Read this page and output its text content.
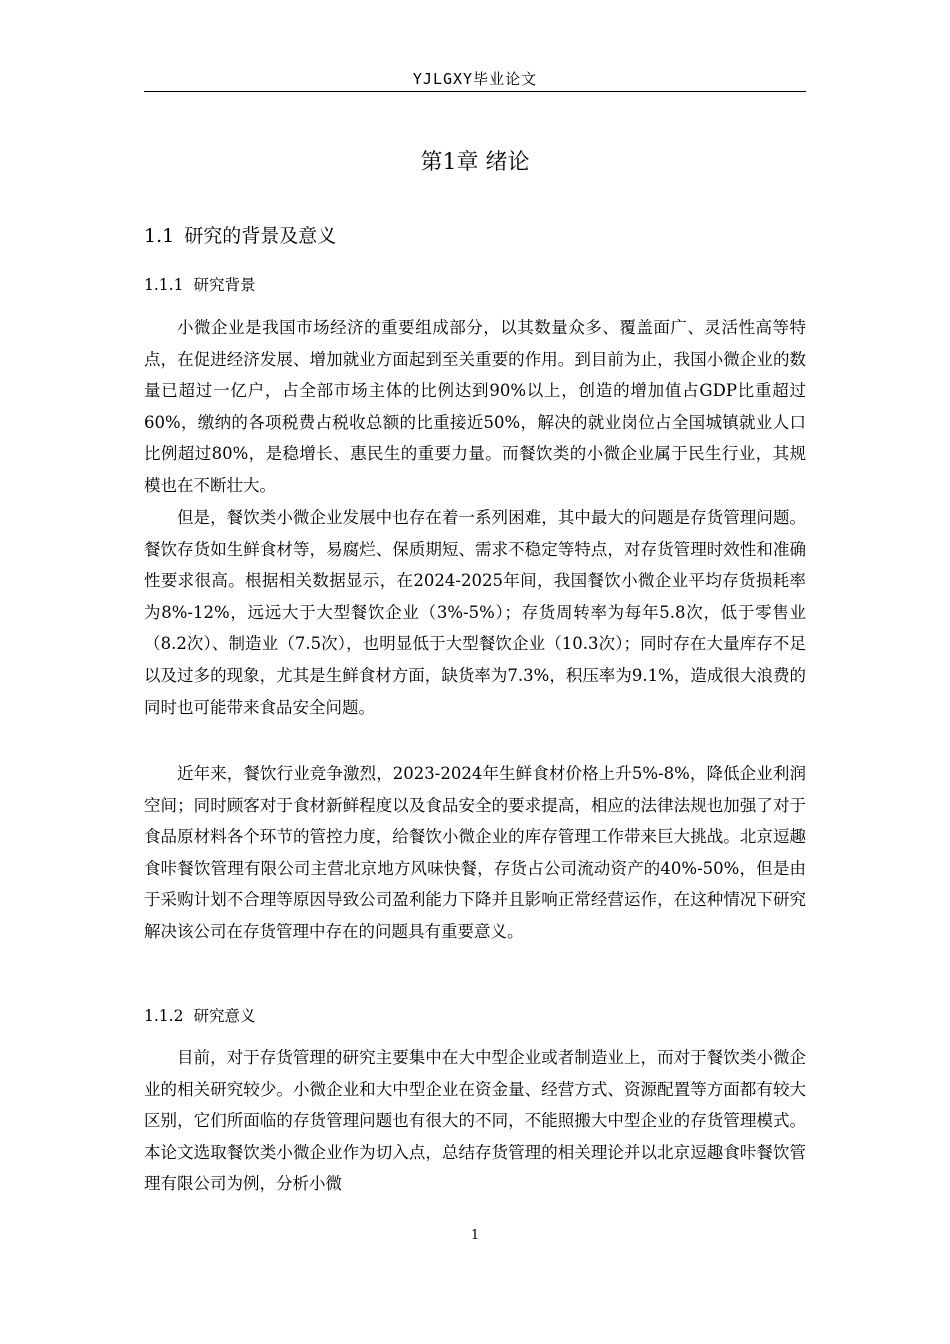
YJLGXY毕业论文
第1章 绪论
1.1 研究的背景及意义
1.1.1 研究背景

小微企业是我国市场经济的重要组成部分，以其数量众多、覆盖面广、灵活性高等特点，在促进经济发展、增加就业方面起到至关重要的作用。到目前为止，我国小微企业的数量已超过一亿户，占全部市场主体的比例达到90%以上，创造的增加值占GDP比重超过60%，缴纳的各项税费占税收总额的比重接近50%，解决的就业岗位占全国城镇就业人口比例超过80%，是稳增长、惠民生的重要力量。而餐饮类的小微企业属于民生行业，其规模也在不断壮大。

但是，餐饮类小微企业发展中也存在着一系列困难，其中最大的问题是存货管理问题。餐饮存货如生鲜食材等，易腐烂、保质期短、需求不稳定等特点，对存货管理时效性和准确性要求很高。根据相关数据显示，在2024-2025年间，我国餐饮小微企业平均存货损耗率为8%-12%，远远大于大型餐饮企业（3%-5%）；存货周转率为每年5.8次，低于零售业（8.2次）、制造业（7.5次），也明显低于大型餐饮企业（10.3次）；同时存在大量库存不足以及过多的现象，尤其是生鲜食材方面，缺货率为7.3%，积压率为9.1%，造成很大浪费的同时也可能带来食品安全问题。

近年来，餐饮行业竞争激烈，2023-2024年生鲜食材价格上升5%-8%，降低企业利润空间；同时顾客对于食材新鲜程度以及食品安全的要求提高，相应的法律法规也加强了对于食品原材料各个环节的管控力度，给餐饮小微企业的库存管理工作带来巨大挑战。北京逗趣食咔餐饮管理有限公司主营北京地方风味快餐，存货占公司流动资产的40%-50%，但是由于采购计划不合理等原因导致公司盈利能力下降并且影响正常经营运作，在这种情况下研究解决该公司在存货管理中存在的问题具有重要意义。

1.1.2 研究意义

目前，对于存货管理的研究主要集中在大中型企业或者制造业上，而对于餐饮类小微企业的相关研究较少。小微企业和大中型企业在资金量、经营方式、资源配置等方面都有较大区别，它们所面临的存货管理问题也有很大的不同，不能照搬大中型企业的存货管理模式。本论文选取餐饮类小微企业作为切入点，总结存货管理的相关理论并以北京逗趣食咔餐饮管理有限公司为例，分析小微

1
